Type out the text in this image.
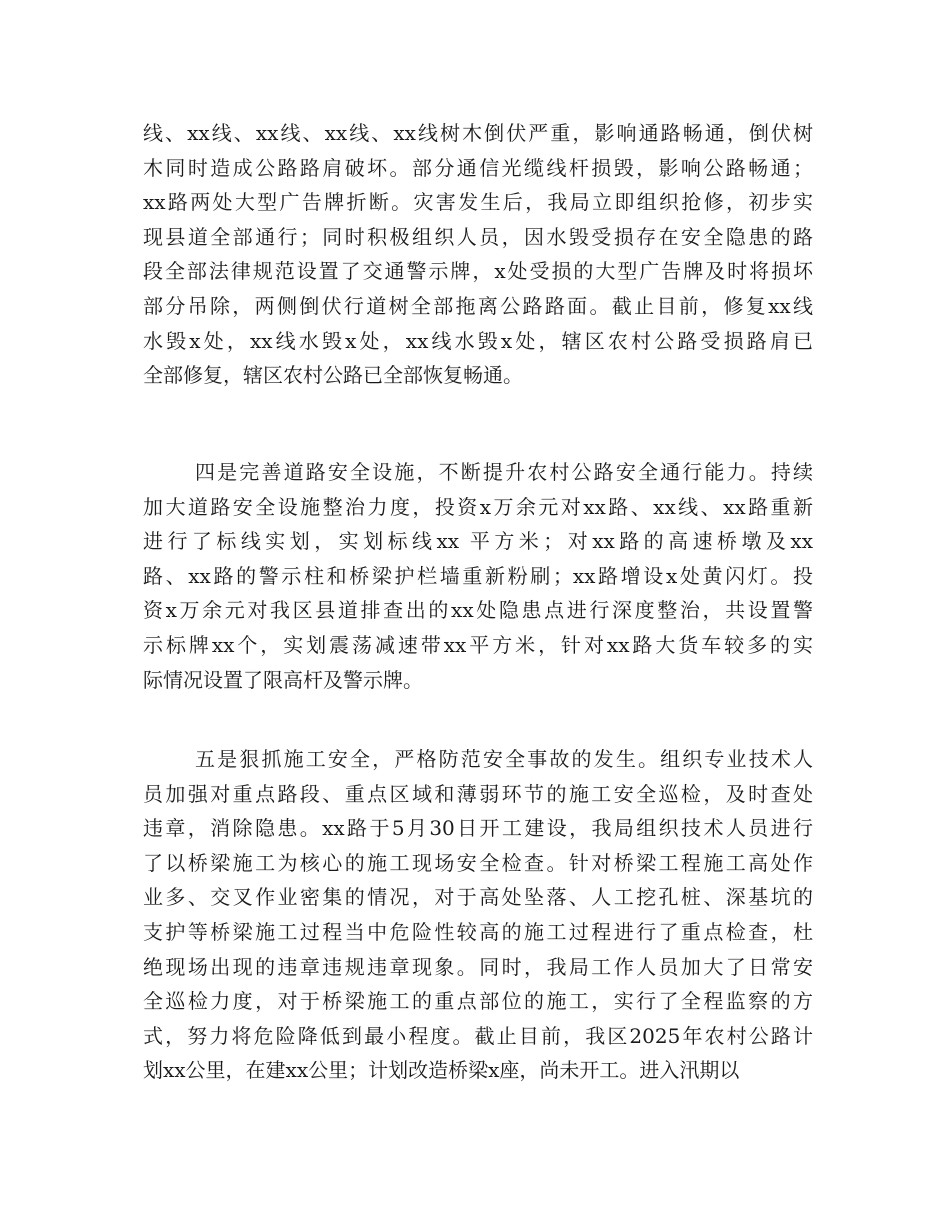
线、xx线、xx线、xx线、xx线树木倒伏严重，影响通路畅通，倒伏树
木同时造成公路路肩破坏。部分通信光缆线杆损毁，影响公路畅通；
xx路两处大型广告牌折断。灾害发生后，我局立即组织抢修，初步实
现县道全部通行；同时积极组织人员，因水毁受损存在安全隐患的路
段全部法律规范设置了交通警示牌，x处受损的大型广告牌及时将损坏
部分吊除，两侧倒伏行道树全部拖离公路路面。截止目前，修复xx线
水毁x处，xx线水毁x处，xx线水毁x处，辖区农村公路受损路肩已
全部修复，辖区农村公路已全部恢复畅通。
四是完善道路安全设施，不断提升农村公路安全通行能力。持续
加大道路安全设施整治力度，投资x万余元对xx路、xx线、xx路重新
进行了标线实划，实划标线xx 平方米；对xx路的高速桥墩及xx
路、xx路的警示柱和桥梁护栏墙重新粉刷；xx路增设x处黄闪灯。投
资x万余元对我区县道排查出的xx处隐患点进行深度整治，共设置警
示标牌xx个，实划震荡减速带xx平方米，针对xx路大货车较多的实
际情况设置了限高杆及警示牌。
五是狠抓施工安全，严格防范安全事故的发生。组织专业技术人
员加强对重点路段、重点区域和薄弱环节的施工安全巡检，及时查处
违章，消除隐患。xx路于5月30日开工建设，我局组织技术人员进行
了以桥梁施工为核心的施工现场安全检查。针对桥梁工程施工高处作
业多、交叉作业密集的情况，对于高处坠落、人工挖孔桩、深基坑的
支护等桥梁施工过程当中危险性较高的施工过程进行了重点检查，杜
绝现场出现的违章违规违章现象。同时，我局工作人员加大了日常安
全巡检力度，对于桥梁施工的重点部位的施工，实行了全程监察的方
式，努力将危险降低到最小程度。截止目前，我区2025年农村公路计
划xx公里，在建xx公里；计划改造桥梁x座，尚未开工。进入汛期以
